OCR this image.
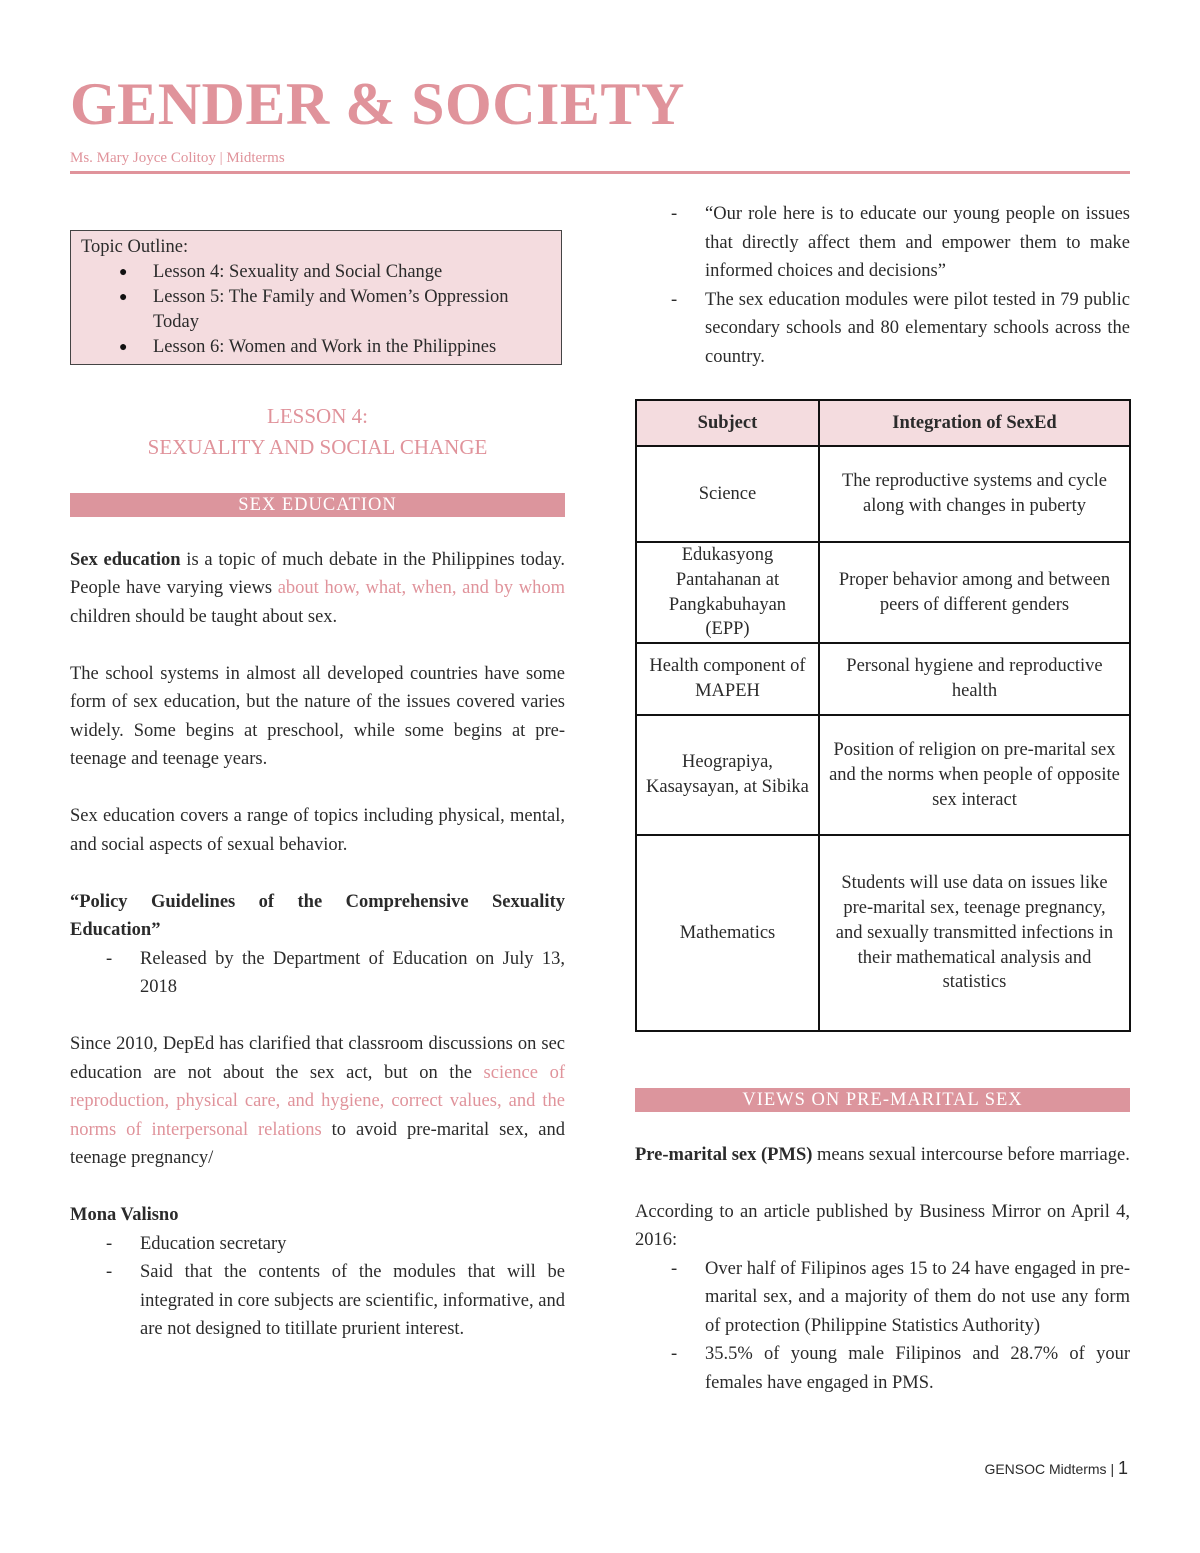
GENDER & SOCIETY
Ms. Mary Joyce Colitoy | Midterms
Topic Outline:
● Lesson 4: Sexuality and Social Change
● Lesson 5: The Family and Women’s Oppression Today
● Lesson 6: Women and Work in the Philippines
LESSON 4:
SEXUALITY AND SOCIAL CHANGE
SEX EDUCATION

Sex education is a topic of much debate in the Philippines today. People have varying views about how, what, when, and by whom children should be taught about sex.

The school systems in almost all developed countries have some form of sex education, but the nature of the issues covered varies widely. Some begins at preschool, while some begins at pre-teenage and teenage years.

Sex education covers a range of topics including physical, mental, and social aspects of sexual behavior.

“Policy Guidelines of the Comprehensive Sexuality Education”

- Released by the Department of Education on July 13, 2018

Since 2010, DepEd has clarified that classroom discussions on sec education are not about the sex act, but on the science of reproduction, physical care, and hygiene, correct values, and the norms of interpersonal relations to avoid pre-marital sex, and teenage pregnancy/

Mona Valisno

- Education secretary
- Said that the contents of the modules that will be integrated in core subjects are scientific, informative, and are not designed to titillate prurient interest.
- “Our role here is to educate our young people on issues that directly affect them and empower them to make informed choices and decisions”
- The sex education modules were pilot tested in 79 public secondary schools and 80 elementary schools across the country.
Subject	Integration of SexEd
Science	The reproductive systems and cycle along with changes in puberty
Edukasyong Pantahanan at Pangkabuhayan (EPP)	Proper behavior among and between peers of different genders
Health component of MAPEH	Personal hygiene and reproductive health
Heograpiya, Kasaysayan, at Sibika	Position of religion on pre-marital sex and the norms when people of opposite sex interact
Mathematics	Students will use data on issues like pre-marital sex, teenage pregnancy, and sexually transmitted infections in their mathematical analysis and statistics
VIEWS ON PRE-MARITAL SEX

Pre-marital sex (PMS) means sexual intercourse before marriage.

According to an article published by Business Mirror on April 4, 2016:

- Over half of Filipinos ages 15 to 24 have engaged in pre-marital sex, and a majority of them do not use any form of protection (Philippine Statistics Authority)
- 35.5% of young male Filipinos and 28.7% of your females have engaged in PMS.
GENSOC Midterms | 1
